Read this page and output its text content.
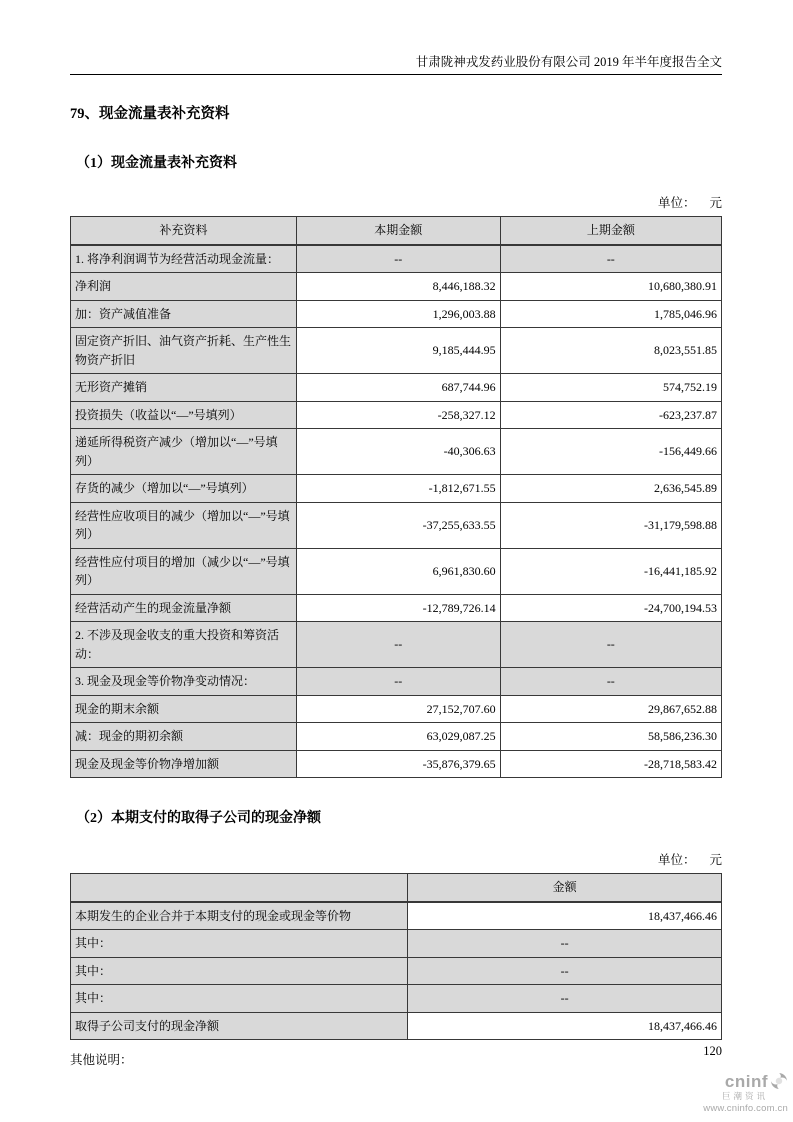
甘肃陇神戎发药业股份有限公司 2019 年半年度报告全文
79、现金流量表补充资料
（1）现金流量表补充资料
单位： 元
补充资料	本期金额	上期金额
1. 将净利润调节为经营活动现金流量：	--	--
净利润	8,446,188.32	10,680,380.91
加：资产减值准备	1,296,003.88	1,785,046.96
固定资产折旧、油气资产折耗、生产性生物资产折旧	9,185,444.95	8,023,551.85
无形资产摊销	687,744.96	574,752.19
投资损失（收益以“—”号填列）	-258,327.12	-623,237.87
递延所得税资产减少（增加以“—”号填列）	-40,306.63	-156,449.66
存货的减少（增加以“—”号填列）	-1,812,671.55	2,636,545.89
经营性应收项目的减少（增加以“—”号填列）	-37,255,633.55	-31,179,598.88
经营性应付项目的增加（减少以“—”号填列）	6,961,830.60	-16,441,185.92
经营活动产生的现金流量净额	-12,789,726.14	-24,700,194.53
2. 不涉及现金收支的重大投资和筹资活动：	--	--
3. 现金及现金等价物净变动情况：	--	--
现金的期末余额	27,152,707.60	29,867,652.88
减：现金的期初余额	63,029,087.25	58,586,236.30
现金及现金等价物净增加额	-35,876,379.65	-28,718,583.42
（2）本期支付的取得子公司的现金净额
单位： 元
	金额
本期发生的企业合并于本期支付的现金或现金等价物	18,437,466.46
其中：	--
其中：	--
其中：	--
取得子公司支付的现金净额	18,437,466.46
其他说明：
120
cninf
巨潮资讯
www.cninfo.com.cn
